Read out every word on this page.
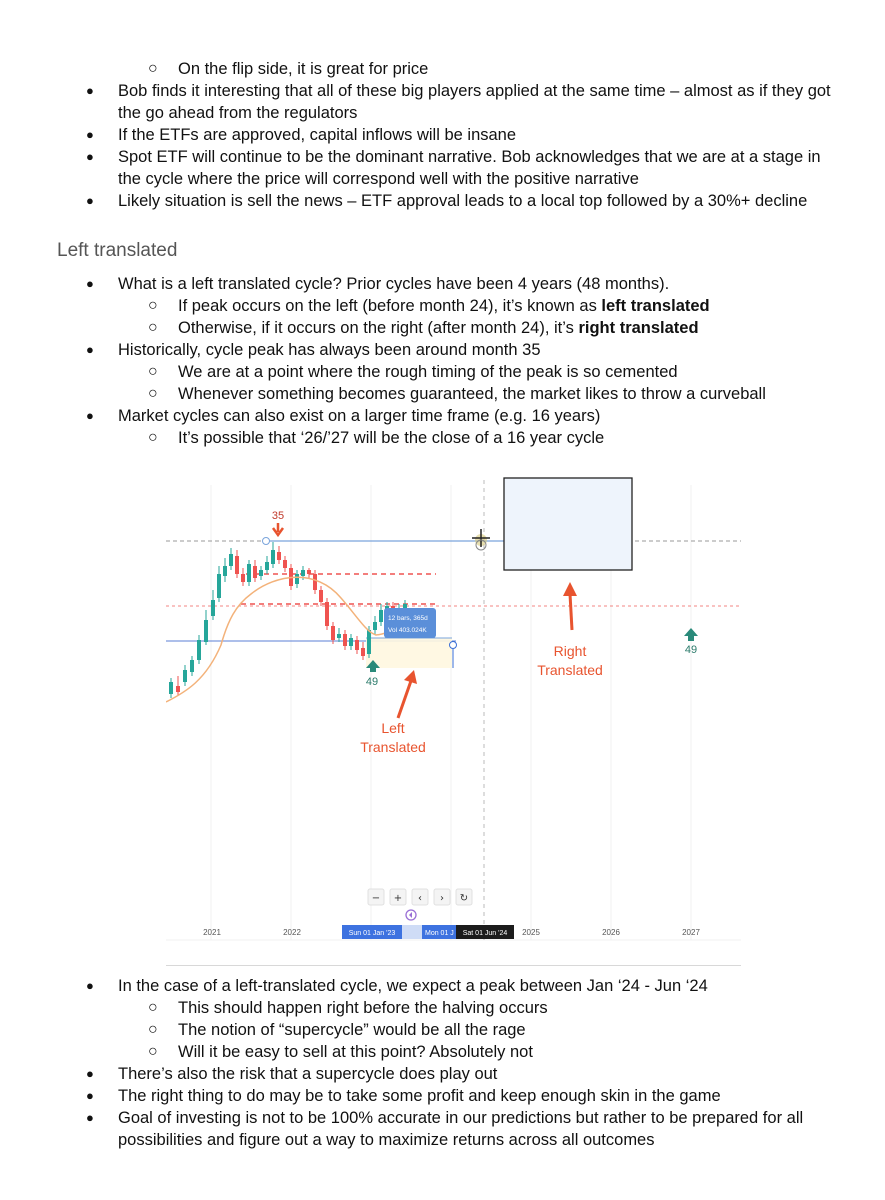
○ On the flip side, it is great for price
● Bob finds it interesting that all of these big players applied at the same time – almost as if they got
the go ahead from the regulators
● If the ETFs are approved, capital inflows will be insane
● Spot ETF will continue to be the dominant narrative. Bob acknowledges that we are at a stage in
the cycle where the price will correspond well with the positive narrative
● Likely situation is sell the news – ETF approval leads to a local top followed by a 30%+ decline
Left translated
● What is a left translated cycle? Prior cycles have been 4 years (48 months).
○ If peak occurs on the left (before month 24), it’s known as left translated
○ Otherwise, if it occurs on the right (after month 24), it’s right translated
● Historically, cycle peak has always been around month 35
○ We are at a point where the rough timing of the peak is so cemented
○ Whenever something becomes guaranteed, the market likes to throw a curveball
● Market cycles can also exist on a larger time frame (e.g. 16 years)
○ It’s possible that ‘26/’27 will be the close of a 16 year cycle
35
12 bars, 365d
Vol 403.024K
49
49
Left
Translated
Right
Translated
− + ‹ › ↻
2021	2022	2025	2026	2027
Sun 01 Jan '23	Mon 01 J Sat 01 Jun '24
● In the case of a left-translated cycle, we expect a peak between Jan ‘24 - Jun ‘24
○ This should happen right before the halving occurs
○ The notion of “supercycle” would be all the rage
○ Will it be easy to sell at this point? Absolutely not
● There’s also the risk that a supercycle does play out
● The right thing to do may be to take some profit and keep enough skin in the game
● Goal of investing is not to be 100% accurate in our predictions but rather to be prepared for all
possibilities and figure out a way to maximize returns across all outcomes
